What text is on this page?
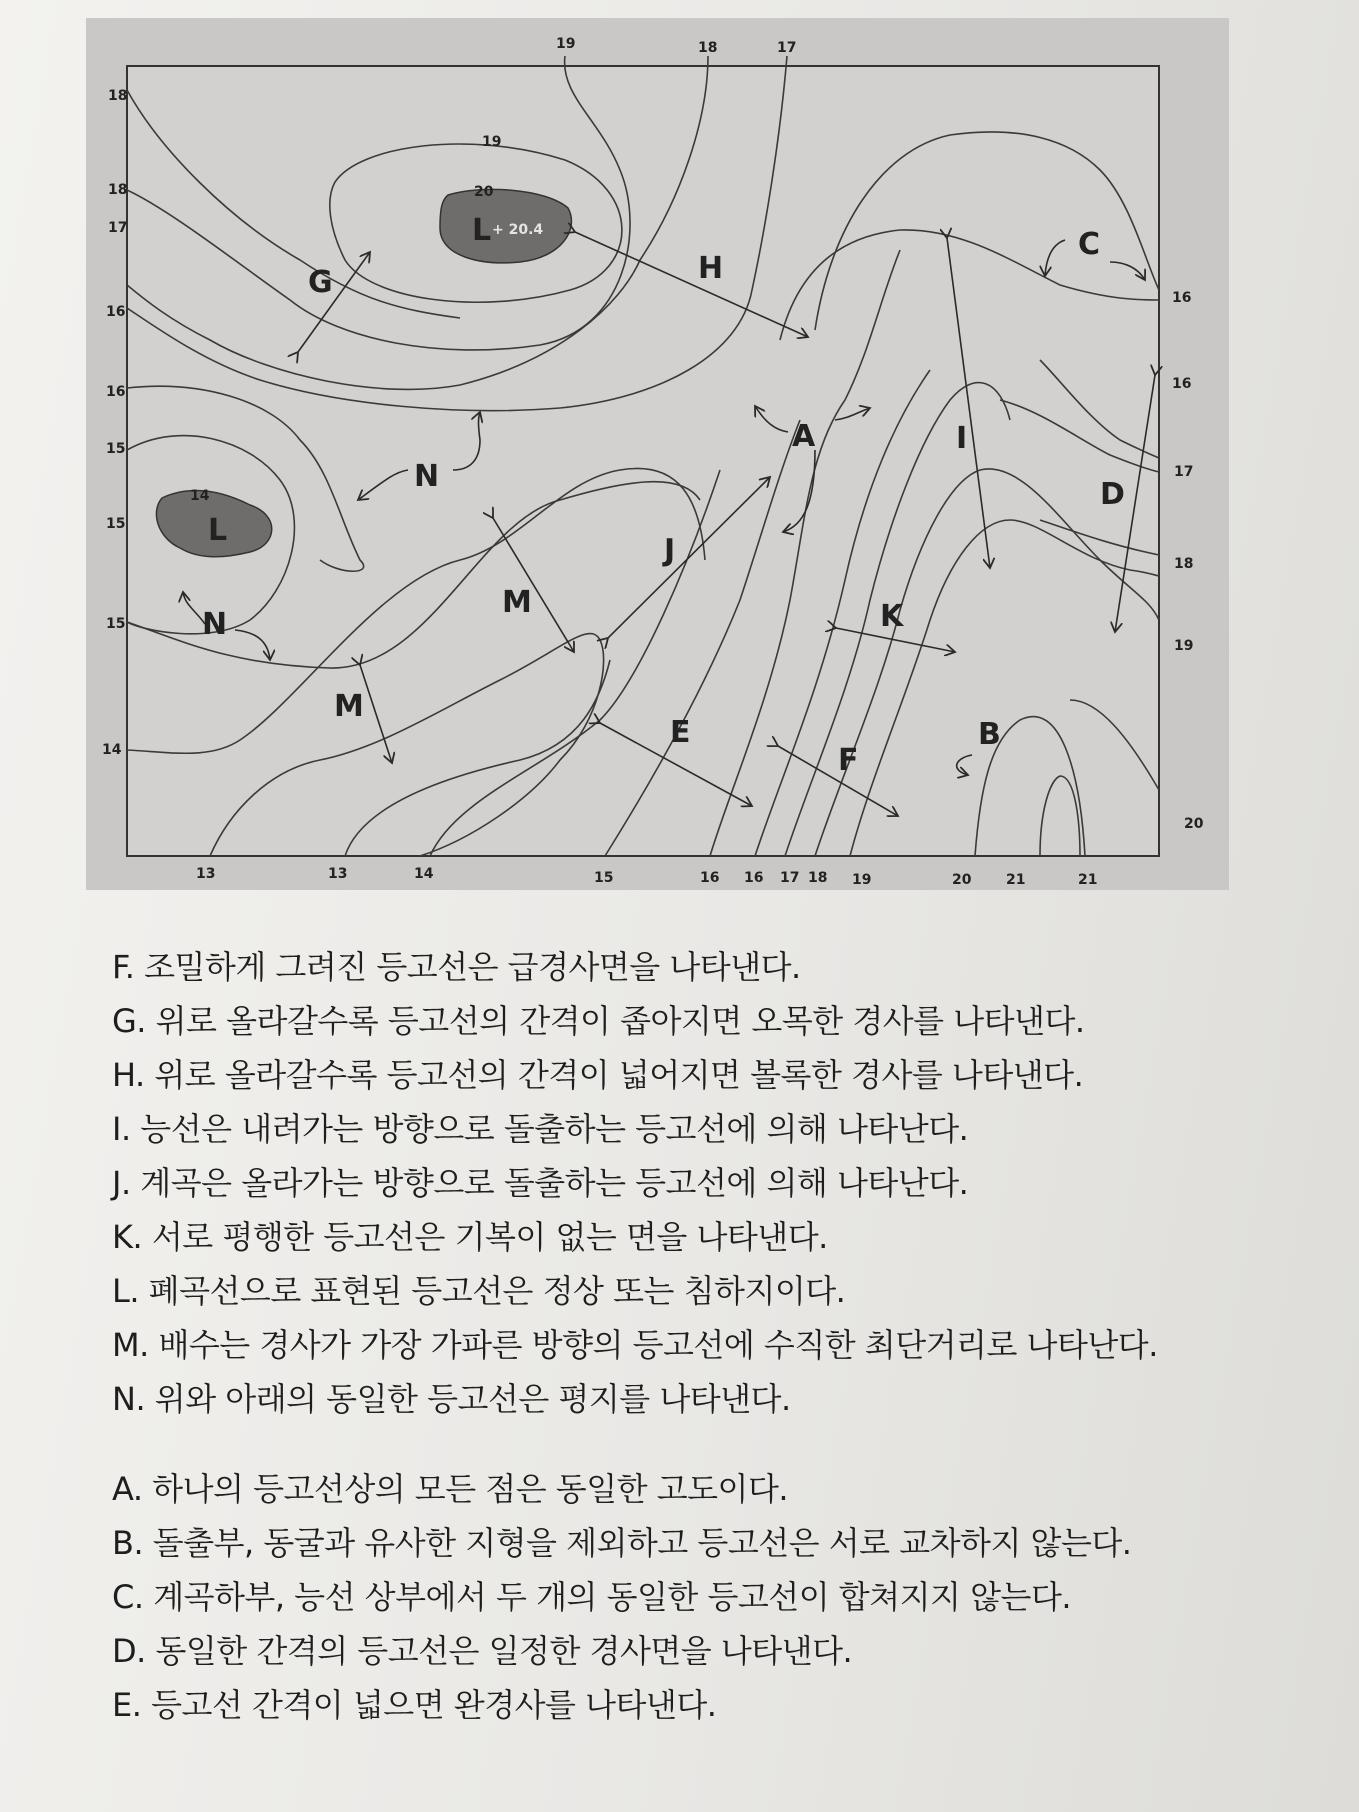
19	18	17
18
18
17
16
16
15
15
15
14
16
16
17
18
19
20
13	13	14	15	16 16 17 18 19	20 21	21
19
20
+ 20.4
14
L
L
G	H
C
A	I
D
N
N
J
M
M
K
E
F
B
F. 조밀하게 그려진 등고선은 급경사면을 나타낸다.
G. 위로 올라갈수록 등고선의 간격이 좁아지면 오목한 경사를 나타낸다.
H. 위로 올라갈수록 등고선의 간격이 넓어지면 볼록한 경사를 나타낸다.
I. 능선은 내려가는 방향으로 돌출하는 등고선에 의해 나타난다.
J. 계곡은 올라가는 방향으로 돌출하는 등고선에 의해 나타난다.
K. 서로 평행한 등고선은 기복이 없는 면을 나타낸다.
L. 폐곡선으로 표현된 등고선은 정상 또는 침하지이다.
M. 배수는 경사가 가장 가파른 방향의 등고선에 수직한 최단거리로 나타난다.
N. 위와 아래의 동일한 등고선은 평지를 나타낸다.
A. 하나의 등고선상의 모든 점은 동일한 고도이다.
B. 돌출부, 동굴과 유사한 지형을 제외하고 등고선은 서로 교차하지 않는다.
C. 계곡하부, 능선 상부에서 두 개의 동일한 등고선이 합쳐지지 않는다.
D. 동일한 간격의 등고선은 일정한 경사면을 나타낸다.
E. 등고선 간격이 넓으면 완경사를 나타낸다.
